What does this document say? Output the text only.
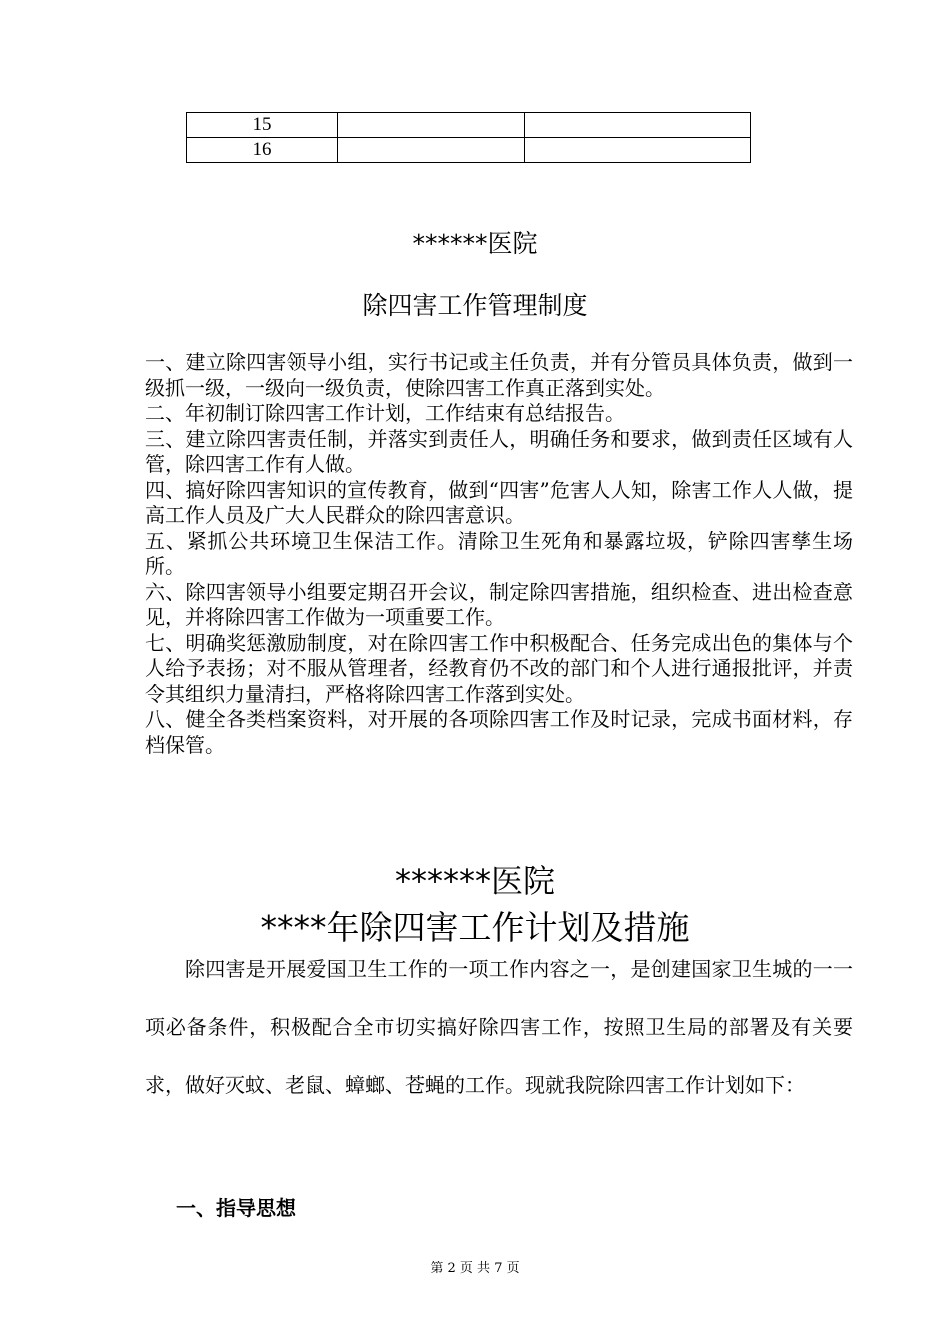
15		
16		
******医院
除四害工作管理制度
一、建立除四害领导小组，实行书记或主任负责，并有分管员具体负责，做到一级抓一级，一级向一级负责，使除四害工作真正落到实处。
二、年初制订除四害工作计划，工作结束有总结报告。
三、建立除四害责任制，并落实到责任人，明确任务和要求，做到责任区域有人管，除四害工作有人做。
四、搞好除四害知识的宣传教育，做到“四害”危害人人知，除害工作人人做，提高工作人员及广大人民群众的除四害意识。
五、紧抓公共环境卫生保洁工作。清除卫生死角和暴露垃圾，铲除四害孳生场所。
六、除四害领导小组要定期召开会议，制定除四害措施，组织检查、进出检查意见，并将除四害工作做为一项重要工作。
七、明确奖惩激励制度，对在除四害工作中积极配合、任务完成出色的集体与个人给予表扬；对不服从管理者，经教育仍不改的部门和个人进行通报批评，并责令其组织力量清扫，严格将除四害工作落到实处。
八、健全各类档案资料，对开展的各项除四害工作及时记录，完成书面材料，存档保管。
******医院
****年除四害工作计划及措施

除四害是开展爱国卫生工作的一项工作内容之一，是创建国家卫生城的一一项必备条件，积极配合全市切实搞好除四害工作，按照卫生局的部署及有关要求，做好灭蚊、老鼠、蟑螂、苍蝇的工作。现就我院除四害工作计划如下：

一、指导思想
第 2 页 共 7 页
